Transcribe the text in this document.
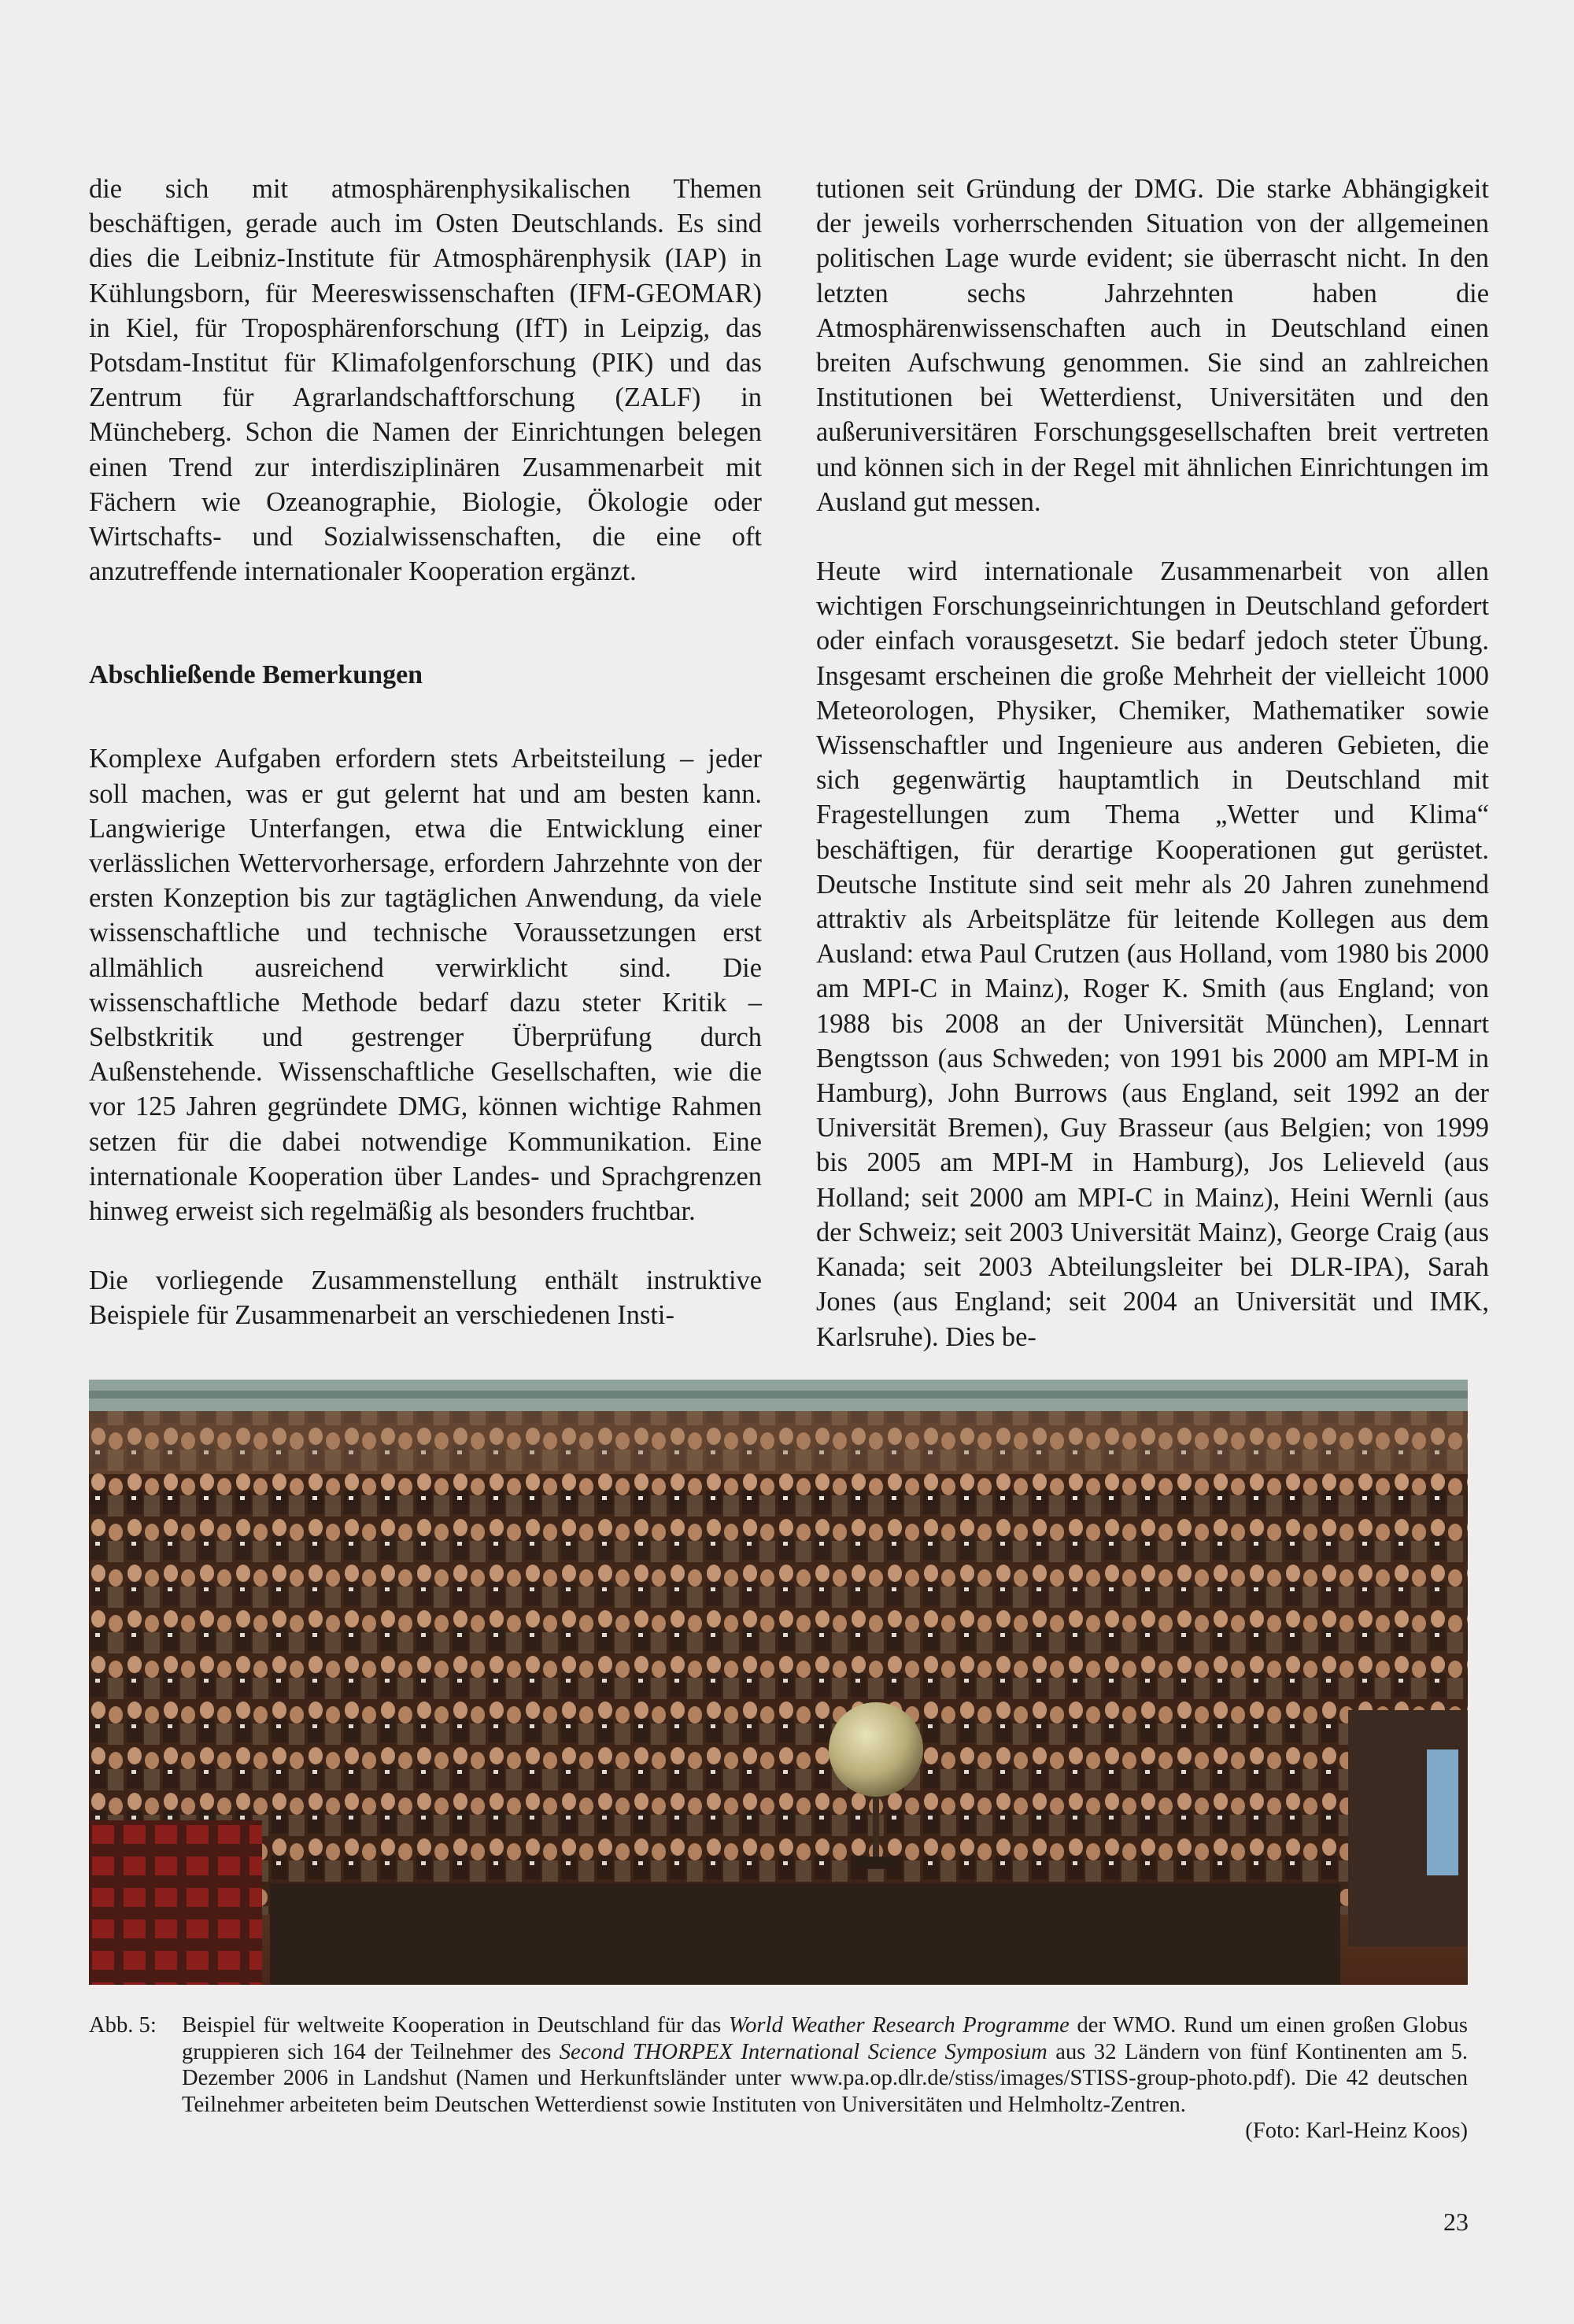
die sich mit atmosphärenphysikalischen Themen beschäftigen, gerade auch im Osten Deutschlands. Es sind dies die Leibniz-Institute für Atmosphärenphysik (IAP) in Kühlungsborn, für Meereswissenschaften (IFM-GEOMAR) in Kiel, für Troposphärenforschung (IfT) in Leipzig, das Potsdam-Institut für Klimafolgenforschung (PIK) und das Zentrum für Agrarlandschaftforschung (ZALF) in Müncheberg. Schon die Namen der Einrichtungen belegen einen Trend zur interdisziplinären Zusammenarbeit mit Fächern wie Ozeanographie, Biologie, Ökologie oder Wirtschafts- und Sozialwissenschaften, die eine oft anzutreffende internationaler Kooperation ergänzt.

Abschließende Bemerkungen

Komplexe Aufgaben erfordern stets Arbeitsteilung – jeder soll machen, was er gut gelernt hat und am besten kann. Langwierige Unterfangen, etwa die Entwicklung einer verlässlichen Wettervorhersage, erfordern Jahrzehnte von der ersten Konzeption bis zur tagtäglichen Anwendung, da viele wissenschaftliche und technische Voraussetzungen erst allmählich ausreichend verwirklicht sind. Die wissenschaftliche Methode bedarf dazu steter Kritik – Selbstkritik und gestrenger Überprüfung durch Außenstehende. Wissenschaftliche Gesellschaften, wie die vor 125 Jahren gegründete DMG, können wichtige Rahmen setzen für die dabei notwendige Kommunikation. Eine internationale Kooperation über Landes- und Sprachgrenzen hinweg erweist sich regelmäßig als besonders fruchtbar.

Die vorliegende Zusammenstellung enthält instruktive Beispiele für Zusammenarbeit an verschiedenen Insti-

tutionen seit Gründung der DMG. Die starke Abhängigkeit der jeweils vorherrschenden Situation von der allgemeinen politischen Lage wurde evident; sie überrascht nicht. In den letzten sechs Jahrzehnten haben die Atmosphärenwissenschaften auch in Deutschland einen breiten Aufschwung genommen. Sie sind an zahlreichen Institutionen bei Wetterdienst, Universitäten und den außeruniversitären Forschungsgesellschaften breit vertreten und können sich in der Regel mit ähnlichen Einrichtungen im Ausland gut messen.

Heute wird internationale Zusammenarbeit von allen wichtigen Forschungseinrichtungen in Deutschland gefordert oder einfach vorausgesetzt. Sie bedarf jedoch steter Übung. Insgesamt erscheinen die große Mehrheit der vielleicht 1000 Meteorologen, Physiker, Chemiker, Mathematiker sowie Wissenschaftler und Ingenieure aus anderen Gebieten, die sich gegenwärtig hauptamtlich in Deutschland mit Fragestellungen zum Thema „Wetter und Klima“ beschäftigen, für derartige Kooperationen gut gerüstet. Deutsche Institute sind seit mehr als 20 Jahren zunehmend attraktiv als Arbeitsplätze für leitende Kollegen aus dem Ausland: etwa Paul Crutzen (aus Holland, vom 1980 bis 2000 am MPI-C in Mainz), Roger K. Smith (aus England; von 1988 bis 2008 an der Universität München), Lennart Bengtsson (aus Schweden; von 1991 bis 2000 am MPI-M in Hamburg), John Burrows (aus England, seit 1992 an der Universität Bremen), Guy Brasseur (aus Belgien; von 1999 bis 2005 am MPI-M in Hamburg), Jos Lelieveld (aus Holland; seit 2000 am MPI-C in Mainz), Heini Wernli (aus der Schweiz; seit 2003 Universität Mainz), George Craig (aus Kanada; seit 2003 Abteilungsleiter bei DLR-IPA), Sarah Jones (aus England; seit 2004 an Universität und IMK, Karlsruhe). Dies be-

Abb. 5:	Beispiel für weltweite Kooperation in Deutschland für das World Weather Research Programme der WMO. Rund um einen großen Globus gruppieren sich 164 der Teilnehmer des Second THORPEX International Science Symposium aus 32 Ländern von fünf Kontinenten am 5. Dezember 2006 in Landshut (Namen und Herkunftsländer unter www.pa.op.dlr.de/stiss/images/STISS-group-photo.pdf). Die 42 deutschen Teilnehmer arbeiteten beim Deutschen Wetterdienst sowie Instituten von Universitäten und Helmholtz-Zentren.
(Foto: Karl-Heinz Koos)
23
